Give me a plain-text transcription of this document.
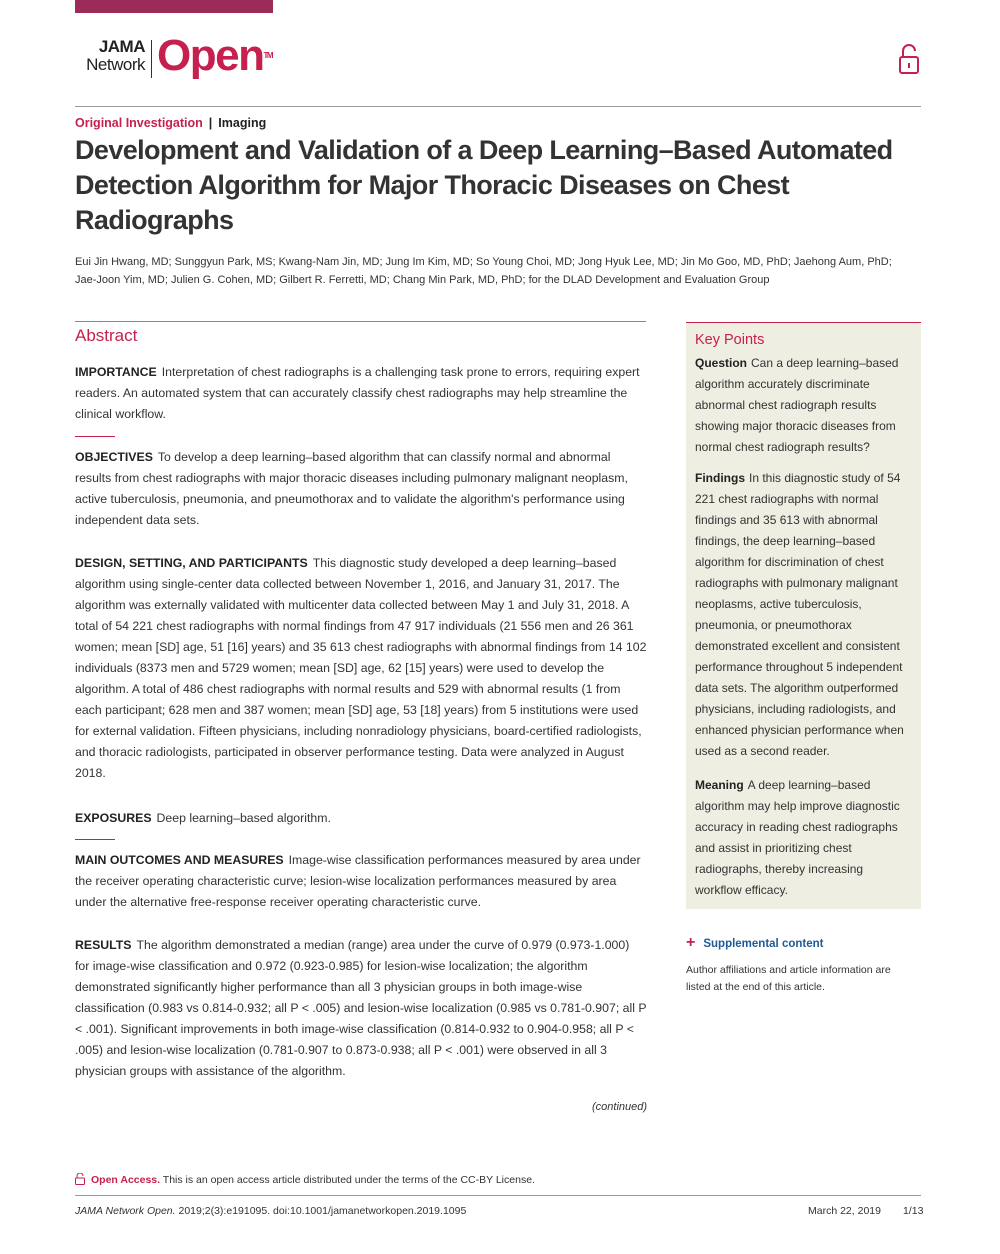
JAMA
Network OpenTM
Original Investigation | Imaging
Development and Validation of a Deep Learning–Based Automated Detection Algorithm for Major Thoracic Diseases on Chest Radiographs
Eui Jin Hwang, MD; Sunggyun Park, MS; Kwang-Nam Jin, MD; Jung Im Kim, MD; So Young Choi, MD; Jong Hyuk Lee, MD; Jin Mo Goo, MD, PhD; Jaehong Aum, PhD;
Jae-Joon Yim, MD; Julien G. Cohen, MD; Gilbert R. Ferretti, MD; Chang Min Park, MD, PhD; for the DLAD Development and Evaluation Group
Abstract

IMPORTANCE Interpretation of chest radiographs is a challenging task prone to errors, requiring expert readers. An automated system that can accurately classify chest radiographs may help streamline the clinical workflow.

OBJECTIVES To develop a deep learning–based algorithm that can classify normal and abnormal results from chest radiographs with major thoracic diseases including pulmonary malignant neoplasm, active tuberculosis, pneumonia, and pneumothorax and to validate the algorithm's performance using independent data sets.

DESIGN, SETTING, AND PARTICIPANTS This diagnostic study developed a deep learning–based algorithm using single-center data collected between November 1, 2016, and January 31, 2017. The algorithm was externally validated with multicenter data collected between May 1 and July 31, 2018. A total of 54 221 chest radiographs with normal findings from 47 917 individuals (21 556 men and 26 361 women; mean [SD] age, 51 [16] years) and 35 613 chest radiographs with abnormal findings from 14 102 individuals (8373 men and 5729 women; mean [SD] age, 62 [15] years) were used to develop the algorithm. A total of 486 chest radiographs with normal results and 529 with abnormal results (1 from each participant; 628 men and 387 women; mean [SD] age, 53 [18] years) from 5 institutions were used for external validation. Fifteen physicians, including nonradiology physicians, board-certified radiologists, and thoracic radiologists, participated in observer performance testing. Data were analyzed in August 2018.

EXPOSURES Deep learning–based algorithm.

MAIN OUTCOMES AND MEASURES Image-wise classification performances measured by area under the receiver operating characteristic curve; lesion-wise localization performances measured by area under the alternative free-response receiver operating characteristic curve.

RESULTS The algorithm demonstrated a median (range) area under the curve of 0.979 (0.973-1.000) for image-wise classification and 0.972 (0.923-0.985) for lesion-wise localization; the algorithm demonstrated significantly higher performance than all 3 physician groups in both image-wise classification (0.983 vs 0.814-0.932; all P < .005) and lesion-wise localization (0.985 vs 0.781-0.907; all P < .001). Significant improvements in both image-wise classification (0.814-0.932 to 0.904-0.958; all P < .005) and lesion-wise localization (0.781-0.907 to 0.873-0.938; all P < .001) were observed in all 3 physician groups with assistance of the algorithm.

(continued)
Key Points

Question Can a deep learning–based algorithm accurately discriminate abnormal chest radiograph results showing major thoracic diseases from normal chest radiograph results?

Findings In this diagnostic study of 54 221 chest radiographs with normal findings and 35 613 with abnormal findings, the deep learning–based algorithm for discrimination of chest radiographs with pulmonary malignant neoplasms, active tuberculosis, pneumonia, or pneumothorax demonstrated excellent and consistent performance throughout 5 independent data sets. The algorithm outperformed physicians, including radiologists, and enhanced physician performance when used as a second reader.

Meaning A deep learning–based algorithm may help improve diagnostic accuracy in reading chest radiographs and assist in prioritizing chest radiographs, thereby increasing workflow efficacy.

+ Supplemental content
Author affiliations and article information are listed at the end of this article.
Open Access. This is an open access article distributed under the terms of the CC-BY License.
JAMA Network Open. 2019;2(3):e191095. doi:10.1001/jamanetworkopen.2019.1095	March 22, 2019 1/13
